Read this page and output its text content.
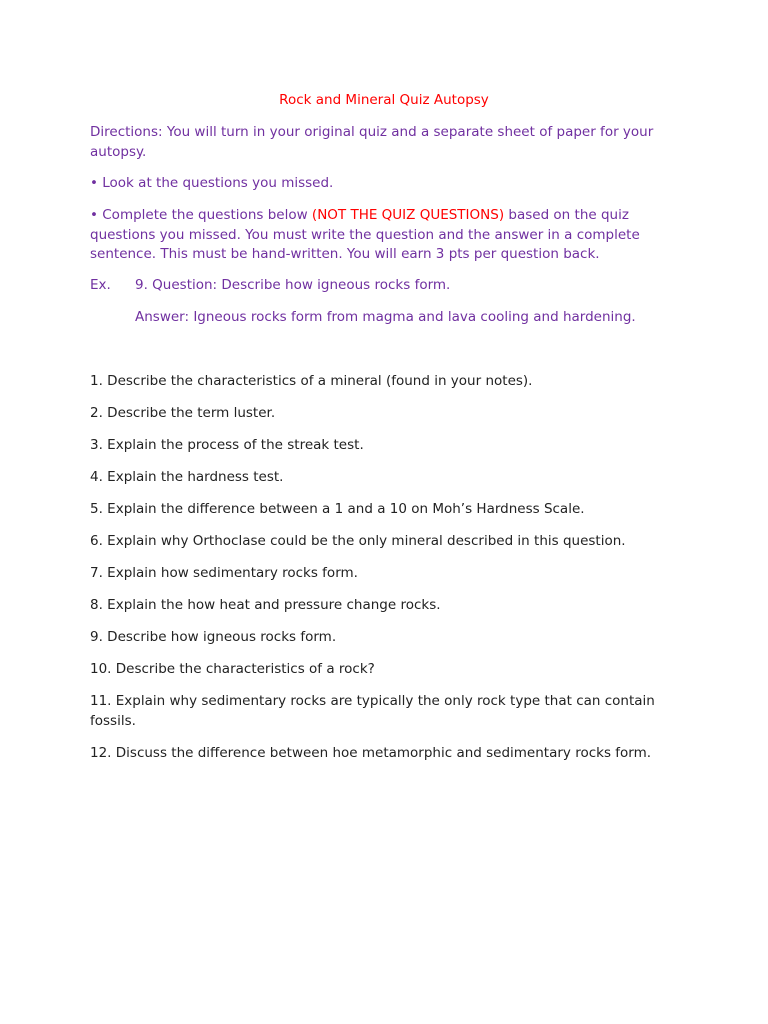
Rock and Mineral Quiz Autopsy

Directions: You will turn in your original quiz and a separate sheet of paper for your autopsy.

• Look at the questions you missed.

• Complete the questions below (NOT THE QUIZ QUESTIONS) based on the quiz questions you missed. You must write the question and the answer in a complete sentence. This must be hand-written. You will earn 3 pts per question back.

Ex. 9. Question: Describe how igneous rocks form.

Answer: Igneous rocks form from magma and lava cooling and hardening.

1. Describe the characteristics of a mineral (found in your notes).
2. Describe the term luster.
3. Explain the process of the streak test.
4. Explain the hardness test.
5. Explain the difference between a 1 and a 10 on Moh’s Hardness Scale.
6. Explain why Orthoclase could be the only mineral described in this question.
7. Explain how sedimentary rocks form.
8. Explain the how heat and pressure change rocks.
9. Describe how igneous rocks form.
10. Describe the characteristics of a rock?
11. Explain why sedimentary rocks are typically the only rock type that can contain fossils.
12. Discuss the difference between hoe metamorphic and sedimentary rocks form.
